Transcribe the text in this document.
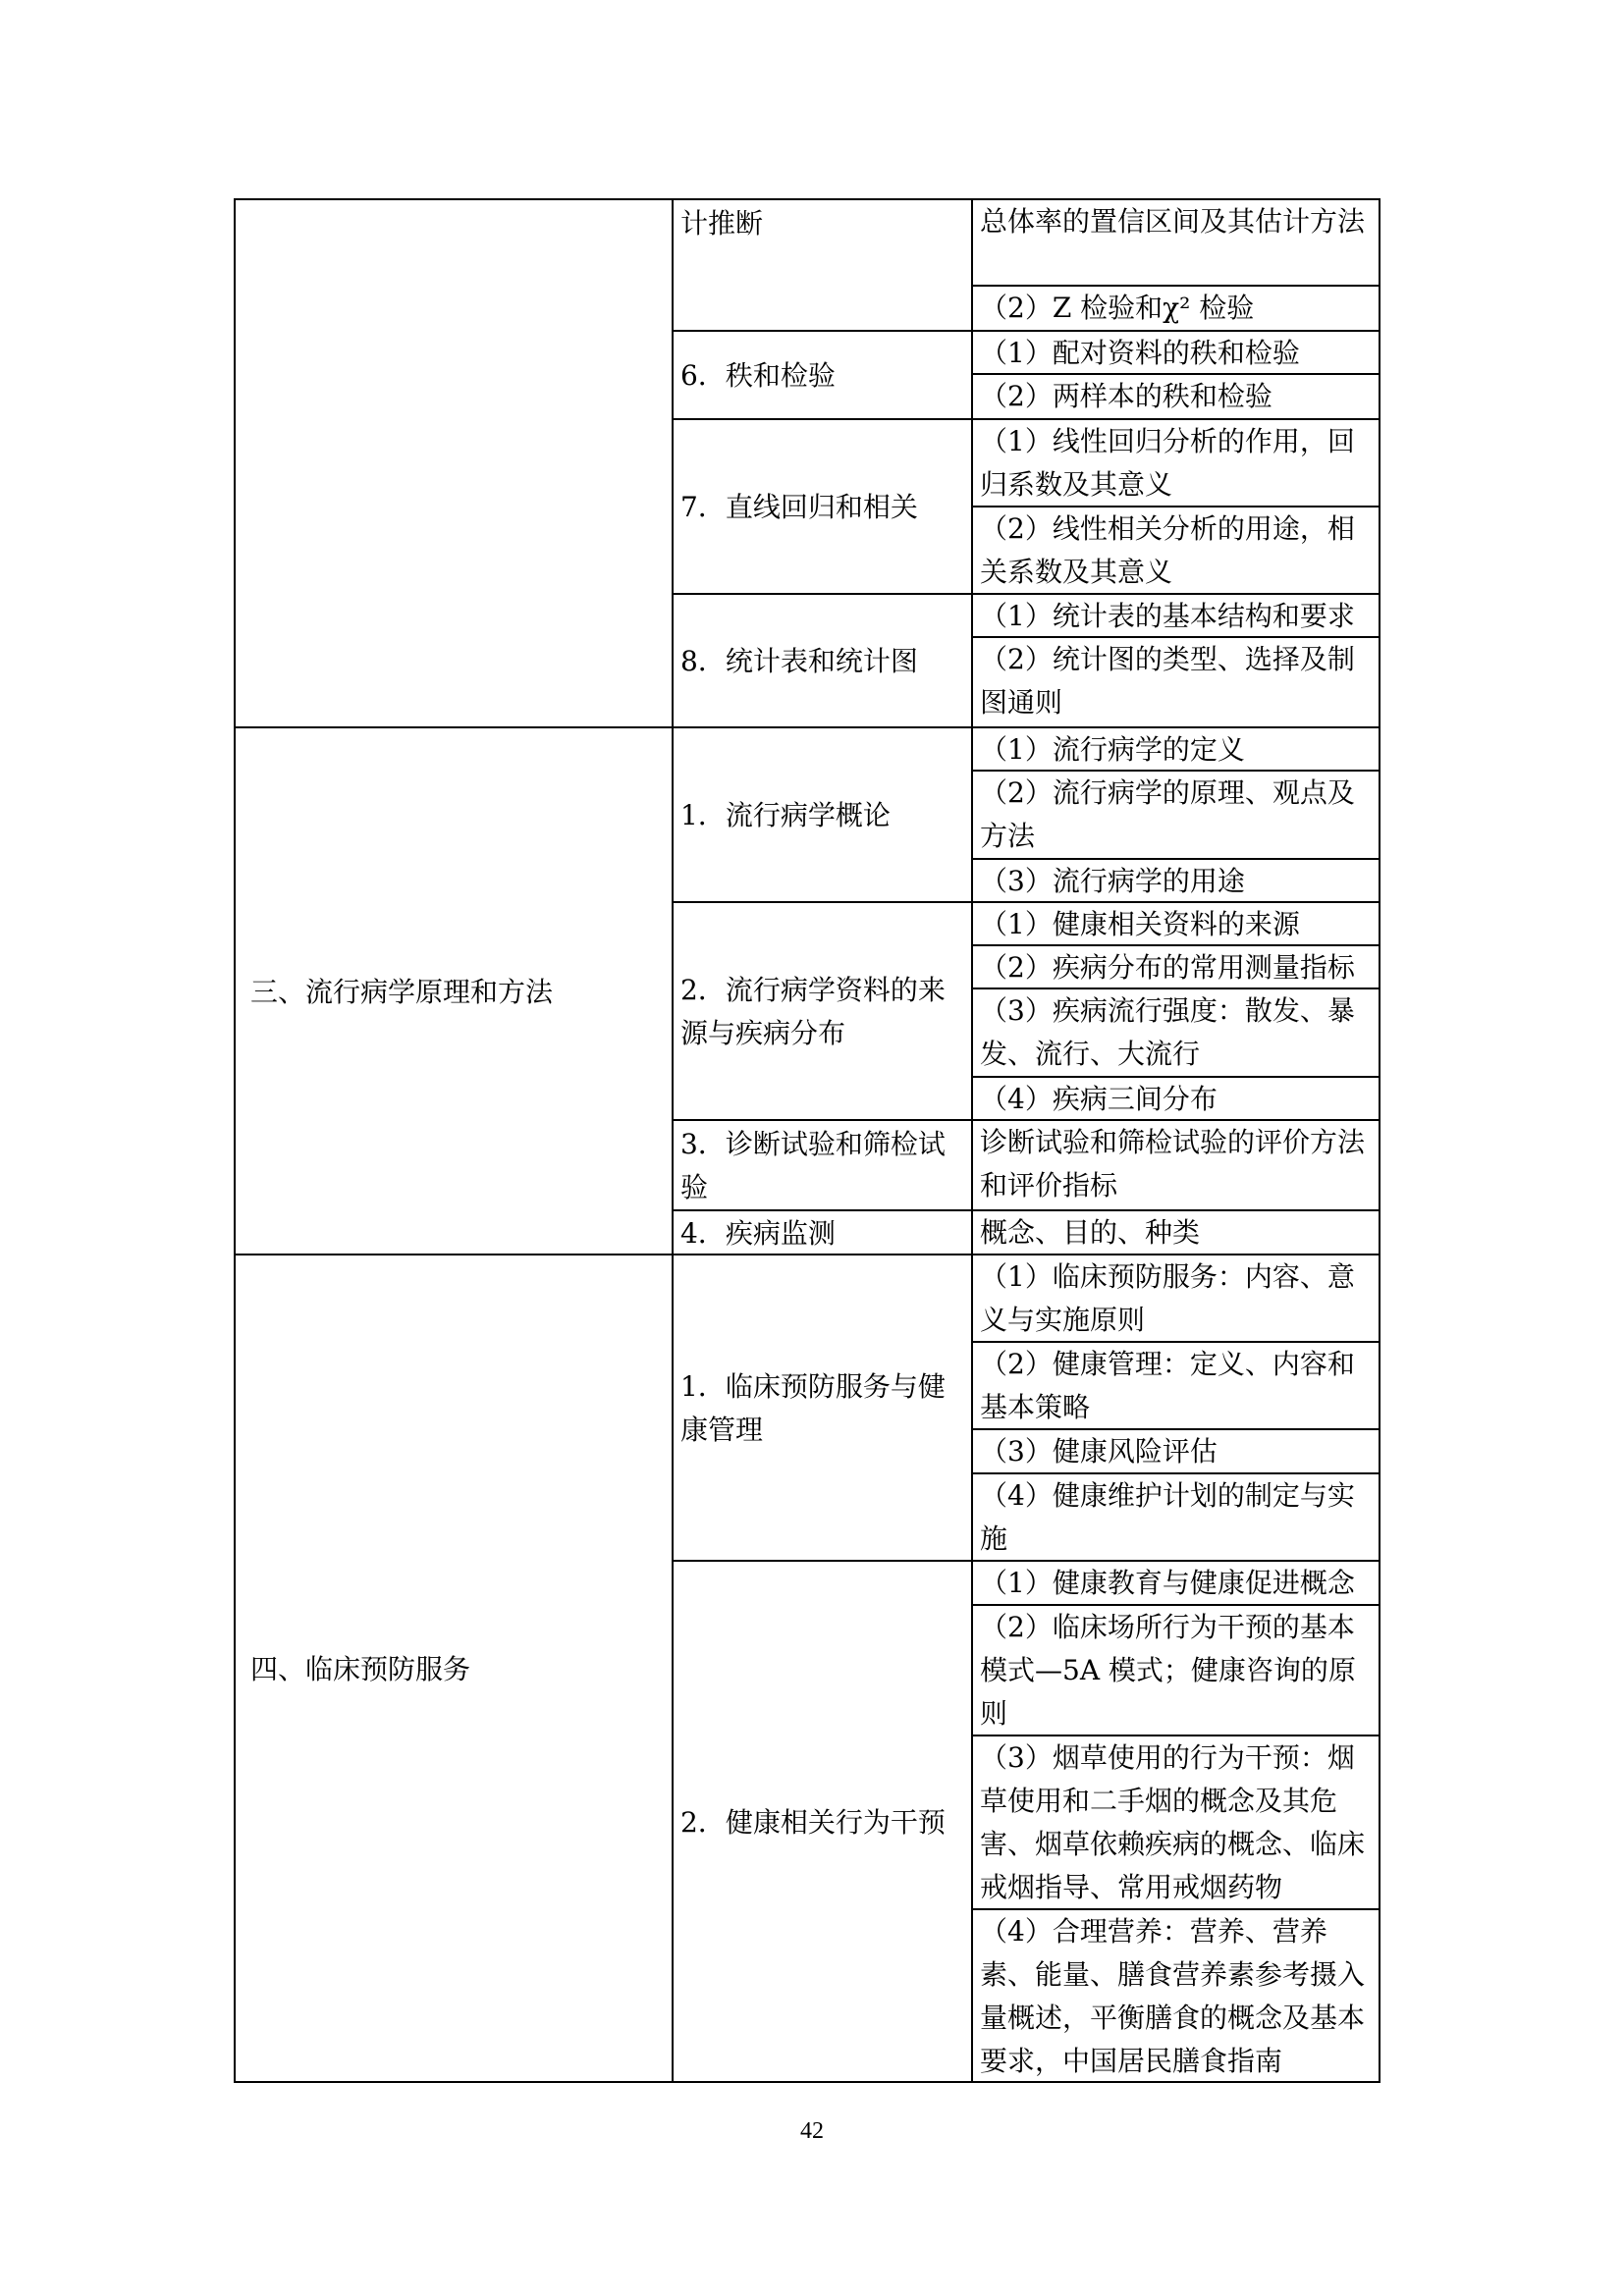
三、流行病学原理和方法
四、临床预防服务
计推断
6．秩和检验
7．直线回归和相关
8．统计表和统计图
1．流行病学概论
2．流行病学资料的来源与疾病分布
3．诊断试验和筛检试验
4．疾病监测
1．临床预防服务与健康管理
2．健康相关行为干预
总体率的置信区间及其估计方法
（2）Z 检验和χ² 检验
（1）配对资料的秩和检验
（2）两样本的秩和检验
（1）线性回归分析的作用，回归系数及其意义
（2）线性相关分析的用途，相关系数及其意义
（1）统计表的基本结构和要求
（2）统计图的类型、选择及制图通则
（1）流行病学的定义
（2）流行病学的原理、观点及方法
（3）流行病学的用途
（1）健康相关资料的来源
（2）疾病分布的常用测量指标
（3）疾病流行强度：散发、暴发、流行、大流行
（4）疾病三间分布
诊断试验和筛检试验的评价方法和评价指标
概念、目的、种类
（1）临床预防服务：内容、意义与实施原则
（2）健康管理：定义、内容和基本策略
（3）健康风险评估
（4）健康维护计划的制定与实施
（1）健康教育与健康促进概念
（2）临床场所行为干预的基本模式—5A 模式；健康咨询的原则
（3）烟草使用的行为干预：烟草使用和二手烟的概念及其危害、烟草依赖疾病的概念、临床戒烟指导、常用戒烟药物
（4）合理营养：营养、营养素、能量、膳食营养素参考摄入量概述，平衡膳食的概念及基本要求，中国居民膳食指南
42
